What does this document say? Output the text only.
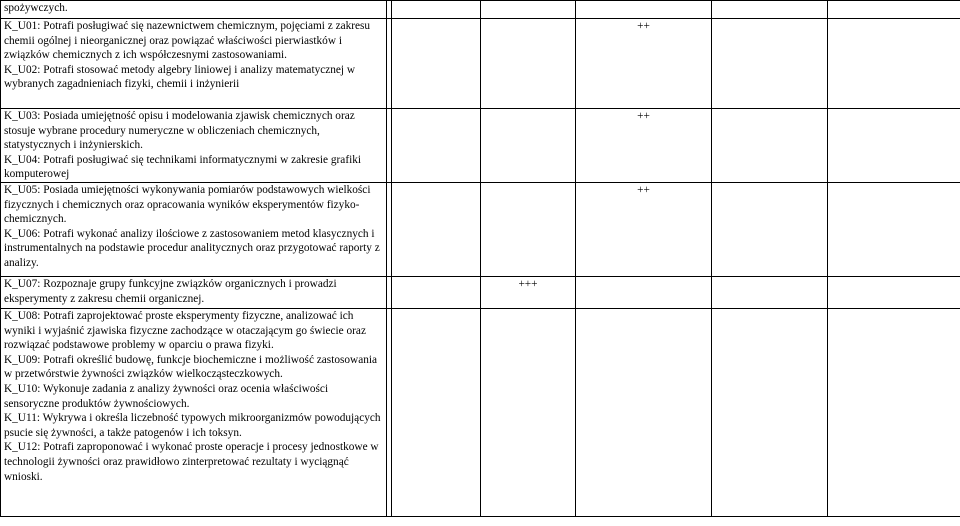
spożywczych.						

K_U01: Potrafi posługiwać się nazewnictwem chemicznym, pojęciami z zakresu chemii ogólnej i nieorganicznej oraz powiązać właściwości pierwiastków i związków chemicznych z ich współczesnymi zastosowaniami.
K_U02: Potrafi stosować metody algebry liniowej i analizy matematycznej w wybranych zagadnieniach fizyki, chemii i inżynierii				++		

K_U03: Posiada umiejętność opisu i modelowania zjawisk chemicznych oraz stosuje wybrane procedury numeryczne w obliczeniach chemicznych, statystycznych i inżynierskich.
K_U04: Potrafi posługiwać się technikami informatycznymi w zakresie grafiki komputerowej				++		

K_U05: Posiada umiejętności wykonywania pomiarów podstawowych wielkości fizycznych i chemicznych oraz opracowania wyników eksperymentów fizyko-chemicznych.
K_U06: Potrafi wykonać analizy ilościowe z zastosowaniem metod klasycznych i instrumentalnych na podstawie procedur analitycznych oraz przygotować raporty z analizy.				++		

K_U07: Rozpoznaje grupy funkcyjne związków organicznych i prowadzi eksperymenty z zakresu chemii organicznej.			+++			

K_U08: Potrafi zaprojektować proste eksperymenty fizyczne, analizować ich wyniki i wyjaśnić zjawiska fizyczne zachodzące w otaczającym go świecie oraz rozwiązać podstawowe problemy w oparciu o prawa fizyki.
K_U09: Potrafi określić budowę, funkcje biochemiczne i możliwość zastosowania w przetwórstwie żywności związków wielkocząsteczkowych.
K_U10: Wykonuje zadania z analizy żywności oraz ocenia właściwości sensoryczne produktów żywnościowych.
K_U11: Wykrywa i określa liczebność typowych mikroorganizmów powodujących psucie się żywności, a także patogenów i ich toksyn.
K_U12: Potrafi zaproponować i wykonać proste operacje i procesy jednostkowe w technologii żywności oraz prawidłowo zinterpretować rezultaty i wyciągnąć wnioski.						
